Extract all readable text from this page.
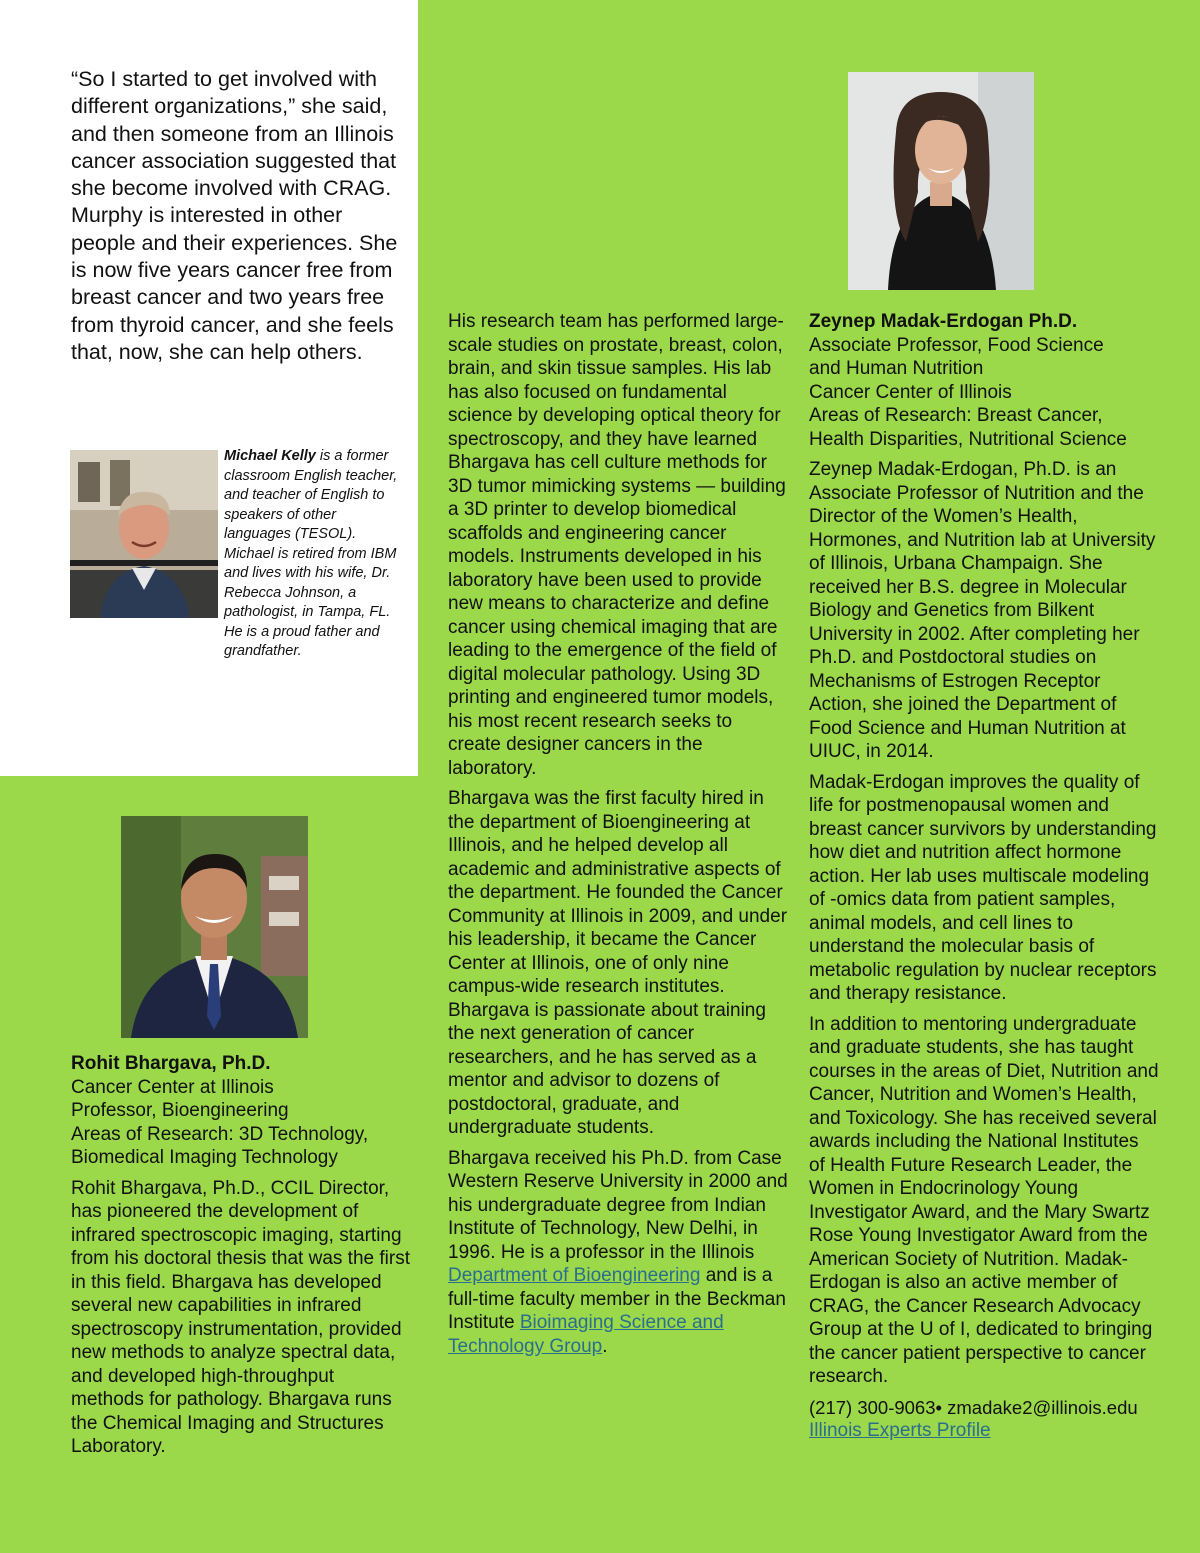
“So I started to get involved with different organizations,” she said, and then someone from an Illinois cancer association suggested that she become involved with CRAG. Murphy is interested in other people and their experiences. She is now five years cancer free from breast cancer and two years free from thyroid cancer, and she feels that, now, she can help others.

Michael Kelly is a former classroom English teacher, and teacher of English to speakers of other languages (TESOL). Michael is retired from IBM and lives with his wife, Dr. Rebecca Johnson, a pathologist, in Tampa, FL. He is a proud father and grandfather.

Rohit Bhargava, Ph.D.
Cancer Center at Illinois
Professor, Bioengineering
Areas of Research: 3D Technology,
Biomedical Imaging Technology

Rohit Bhargava, Ph.D., CCIL Director, has pioneered the development of infrared spectroscopic imaging, starting from his doctoral thesis that was the first in this field. Bhargava has developed several new capabilities in infrared spectroscopy instrumentation, provided new methods to analyze spectral data, and developed high-throughput methods for pathology. Bhargava runs the Chemical Imaging and Structures Laboratory.

His research team has performed large-scale studies on prostate, breast, colon, brain, and skin tissue samples. His lab has also focused on fundamental science by developing optical theory for spectroscopy, and they have learned Bhargava has cell culture methods for 3D tumor mimicking systems — building a 3D printer to develop biomedical scaffolds and engineering cancer models. Instruments developed in his laboratory have been used to provide new means to characterize and define cancer using chemical imaging that are leading to the emergence of the field of digital molecular pathology. Using 3D printing and engineered tumor models, his most recent research seeks to create designer cancers in the laboratory.

Bhargava was the first faculty hired in the department of Bioengineering at Illinois, and he helped develop all academic and administrative aspects of the department. He founded the Cancer Community at Illinois in 2009, and under his leadership, it became the Cancer Center at Illinois, one of only nine campus-wide research institutes. Bhargava is passionate about training the next generation of cancer researchers, and he has served as a mentor and advisor to dozens of postdoctoral, graduate, and undergraduate students.

Bhargava received his Ph.D. from Case Western Reserve University in 2000 and his undergraduate degree from Indian Institute of Technology, New Delhi, in 1996. He is a professor in the Illinois Department of Bioengineering and is a full-time faculty member in the Beckman Institute Bioimaging Science and Technology Group.

Zeynep Madak-Erdogan Ph.D.
Associate Professor, Food Science
and Human Nutrition
Cancer Center of Illinois
Areas of Research: Breast Cancer,
Health Disparities, Nutritional Science

Zeynep Madak-Erdogan, Ph.D. is an Associate Professor of Nutrition and the Director of the Women’s Health, Hormones, and Nutrition lab at University of Illinois, Urbana Champaign. She received her B.S. degree in Molecular Biology and Genetics from Bilkent University in 2002. After completing her Ph.D. and Postdoctoral studies on Mechanisms of Estrogen Receptor Action, she joined the Department of Food Science and Human Nutrition at UIUC, in 2014.

Madak-Erdogan improves the quality of life for postmenopausal women and breast cancer survivors by understanding how diet and nutrition affect hormone action. Her lab uses multiscale modeling of -omics data from patient samples, animal models, and cell lines to understand the molecular basis of metabolic regulation by nuclear receptors and therapy resistance.

In addition to mentoring undergraduate and graduate students, she has taught courses in the areas of Diet, Nutrition and Cancer, Nutrition and Women’s Health, and Toxicology. She has received several awards including the National Institutes of Health Future Research Leader, the Women in Endocrinology Young Investigator Award, and the Mary Swartz Rose Young Investigator Award from the American Society of Nutrition. Madak-Erdogan is also an active member of CRAG, the Cancer Research Advocacy Group at the U of I, dedicated to bringing the cancer patient perspective to cancer research.

(217) 300-9063• zmadake2@illinois.edu
Illinois Experts Profile
